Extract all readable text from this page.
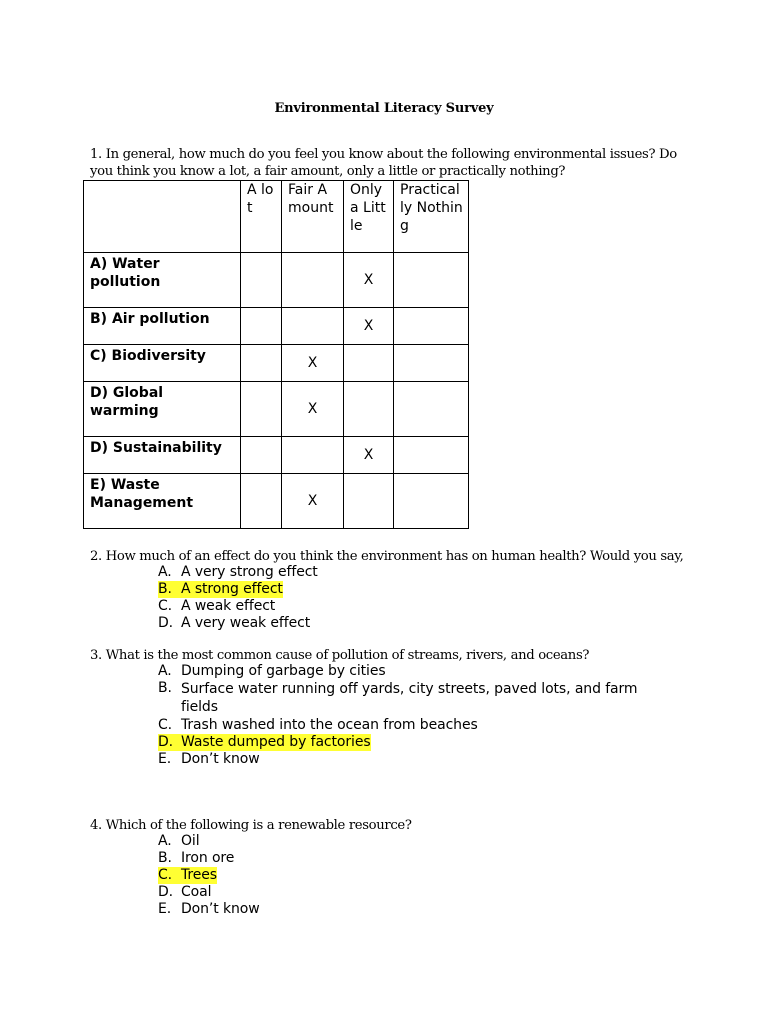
Environmental Literacy Survey
1. In general, how much do you feel you know about the following environmental issues? Do you think you know a lot, a fair amount, only a little or practically nothing?
	A lot	Fair Amount	Only a Little	Practically Nothing
A) Water pollution			X	
B) Air pollution			X	
C) Biodiversity		X		
D) Global warming		X		
D) Sustainability			X	
E) Waste Management		X		
2. How much of an effect do you think the environment has on human health? Would you say,
A. A very strong effect
B. A strong effect
C. A weak effect
D. A very weak effect
3. What is the most common cause of pollution of streams, rivers, and oceans?
A. Dumping of garbage by cities
B. Surface water running off yards, city streets, paved lots, and farm fields
C. Trash washed into the ocean from beaches
D. Waste dumped by factories
E. Don’t know
4. Which of the following is a renewable resource?
A. Oil
B. Iron ore
C. Trees
D. Coal
E. Don’t know
